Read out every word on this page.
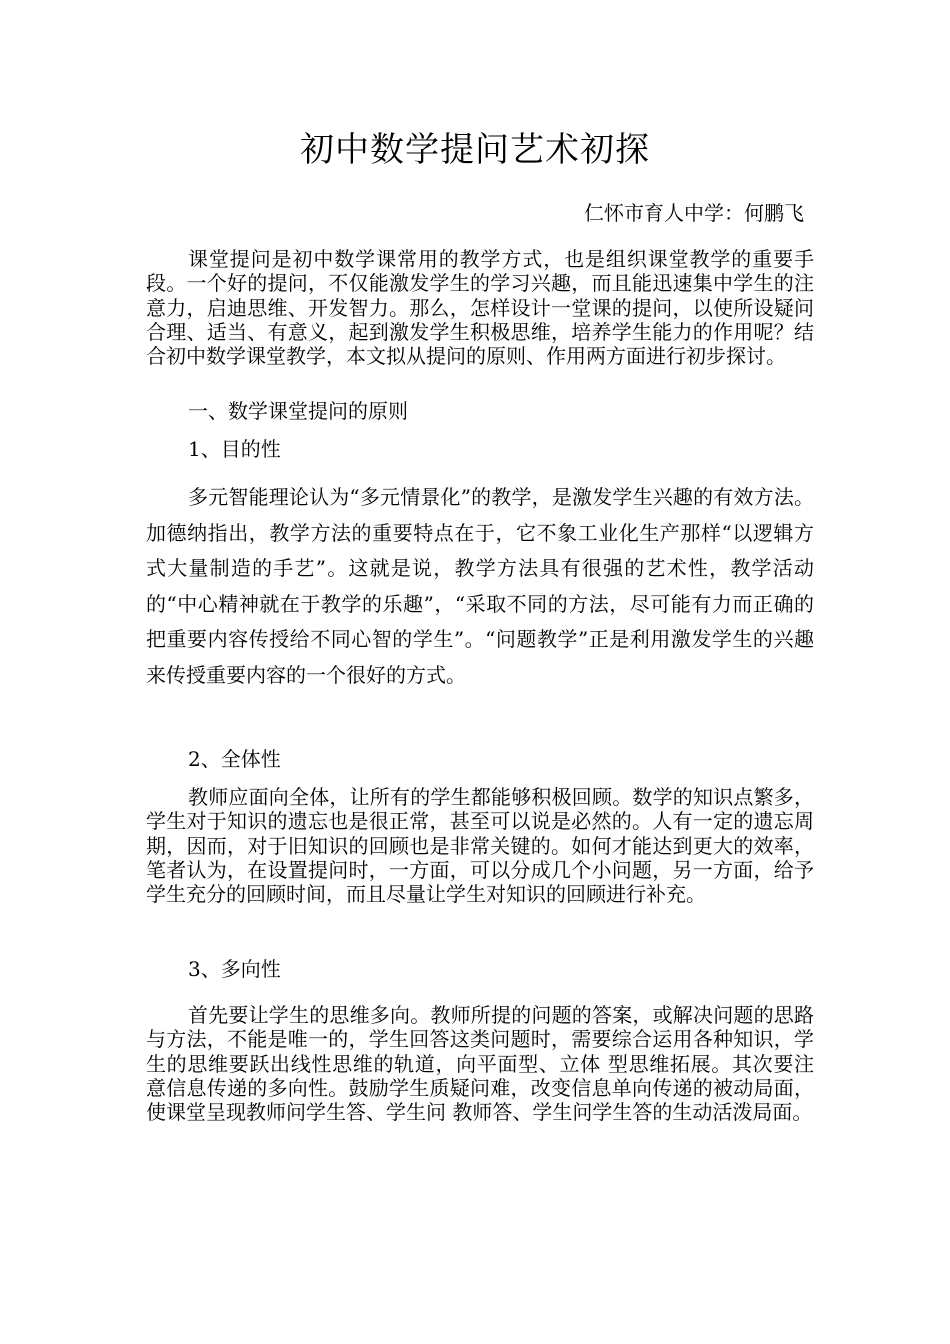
初中数学提问艺术初探

仁怀市育人中学：何鹏飞

课堂提问是初中数学课常用的教学方式，也是组织课堂教学的重要手段。一个好的提问，不仅能激发学生的学习兴趣，而且能迅速集中学生的注意力，启迪思维、开发智力。那么，怎样设计一堂课的提问，以使所设疑问合理、适当、有意义，起到激发学生积极思维，培养学生能力的作用呢？结合初中数学课堂教学，本文拟从提问的原则、作用两方面进行初步探讨。

一、数学课堂提问的原则

1、目的性

多元智能理论认为“多元情景化”的教学，是激发学生兴趣的有效方法。加德纳指出，教学方法的重要特点在于，它不象工业化生产那样“以逻辑方式大量制造的手艺”。这就是说，教学方法具有很强的艺术性，教学活动的“中心精神就在于教学的乐趣”，“采取不同的方法，尽可能有力而正确的把重要内容传授给不同心智的学生”。“问题教学”正是利用激发学生的兴趣来传授重要内容的一个很好的方式。

2、全体性

教师应面向全体，让所有的学生都能够积极回顾。数学的知识点繁多，学生对于知识的遗忘也是很正常，甚至可以说是必然的。人有一定的遗忘周期，因而，对于旧知识的回顾也是非常关键的。如何才能达到更大的效率，笔者认为，在设置提问时，一方面，可以分成几个小问题，另一方面，给予学生充分的回顾时间，而且尽量让学生对知识的回顾进行补充。

3、多向性

首先要让学生的思维多向。教师所提的问题的答案，或解决问题的思路与方法，不能是唯一的，学生回答这类问题时，需要综合运用各种知识，学生的思维要跃出线性思维的轨道，向平面型、立体 型思维拓展。其次要注 意信息传递的多向性。鼓励学生质疑问难，改变信息单向传递的被动局面，使课堂呈现教师问学生答、学生问 教师答、学生问学生答的生动活泼局面。
